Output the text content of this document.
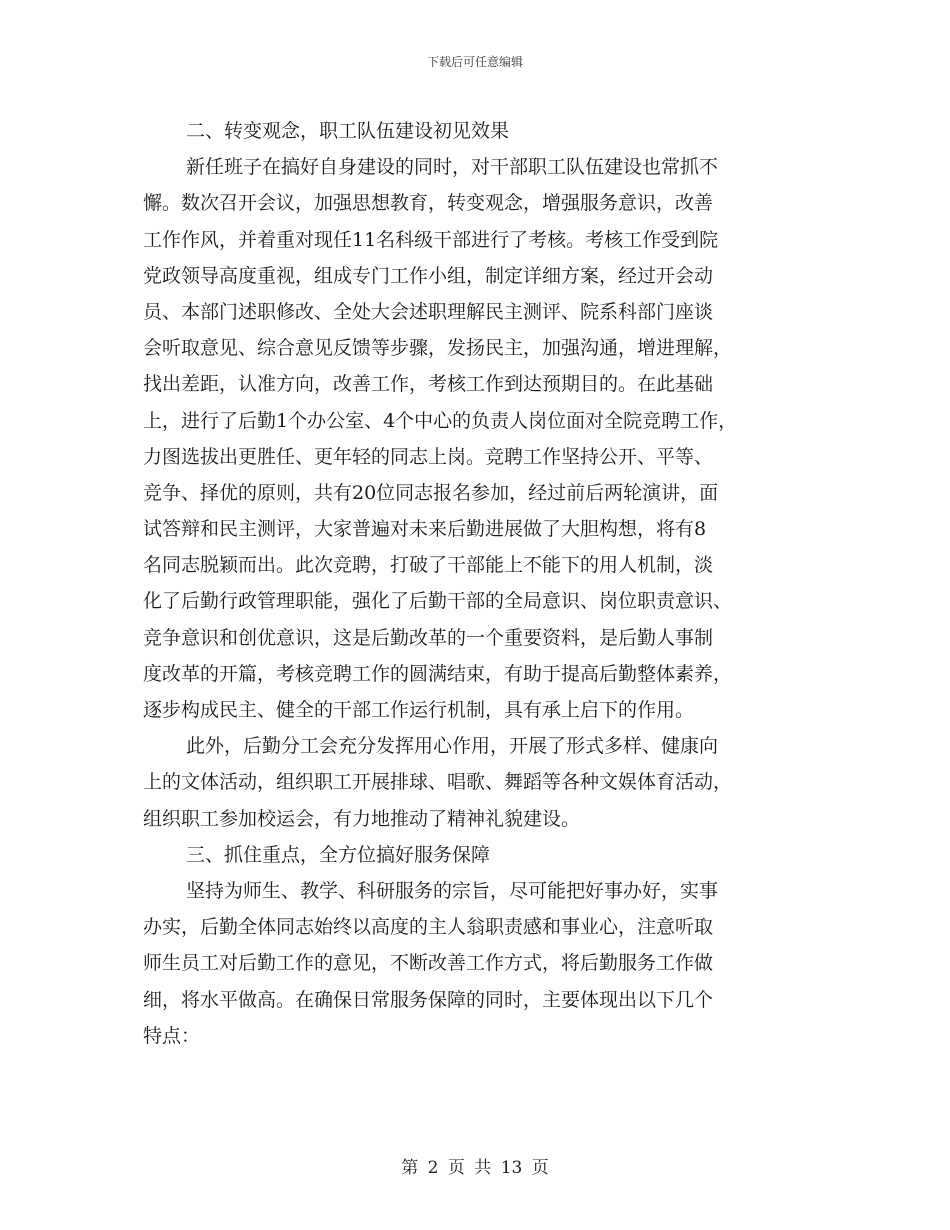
下载后可任意编辑
二、转变观念，职工队伍建设初见效果
新任班子在搞好自身建设的同时，对干部职工队伍建设也常抓不
懈。数次召开会议，加强思想教育，转变观念，增强服务意识，改善
工作作风，并着重对现任11名科级干部进行了考核。考核工作受到院
党政领导高度重视，组成专门工作小组，制定详细方案，经过开会动
员、本部门述职修改、全处大会述职理解民主测评、院系科部门座谈
会听取意见、综合意见反馈等步骤，发扬民主，加强沟通，增进理解，
找出差距，认准方向，改善工作，考核工作到达预期目的。在此基础
上，进行了后勤1个办公室、4个中心的负责人岗位面对全院竞聘工作，
力图选拔出更胜任、更年轻的同志上岗。竞聘工作坚持公开、平等、
竞争、择优的原则，共有20位同志报名参加，经过前后两轮演讲，面
试答辩和民主测评，大家普遍对未来后勤进展做了大胆构想，将有8
名同志脱颖而出。此次竞聘，打破了干部能上不能下的用人机制，淡
化了后勤行政管理职能，强化了后勤干部的全局意识、岗位职责意识、
竞争意识和创优意识，这是后勤改革的一个重要资料，是后勤人事制
度改革的开篇，考核竞聘工作的圆满结束，有助于提高后勤整体素养，
逐步构成民主、健全的干部工作运行机制，具有承上启下的作用。
此外，后勤分工会充分发挥用心作用，开展了形式多样、健康向
上的文体活动，组织职工开展排球、唱歌、舞蹈等各种文娱体育活动，
组织职工参加校运会，有力地推动了精神礼貌建设。
三、抓住重点，全方位搞好服务保障
坚持为师生、教学、科研服务的宗旨，尽可能把好事办好，实事
办实，后勤全体同志始终以高度的主人翁职责感和事业心，注意听取
师生员工对后勤工作的意见，不断改善工作方式，将后勤服务工作做
细，将水平做高。在确保日常服务保障的同时，主要体现出以下几个
特点：
第 2 页 共 13 页
